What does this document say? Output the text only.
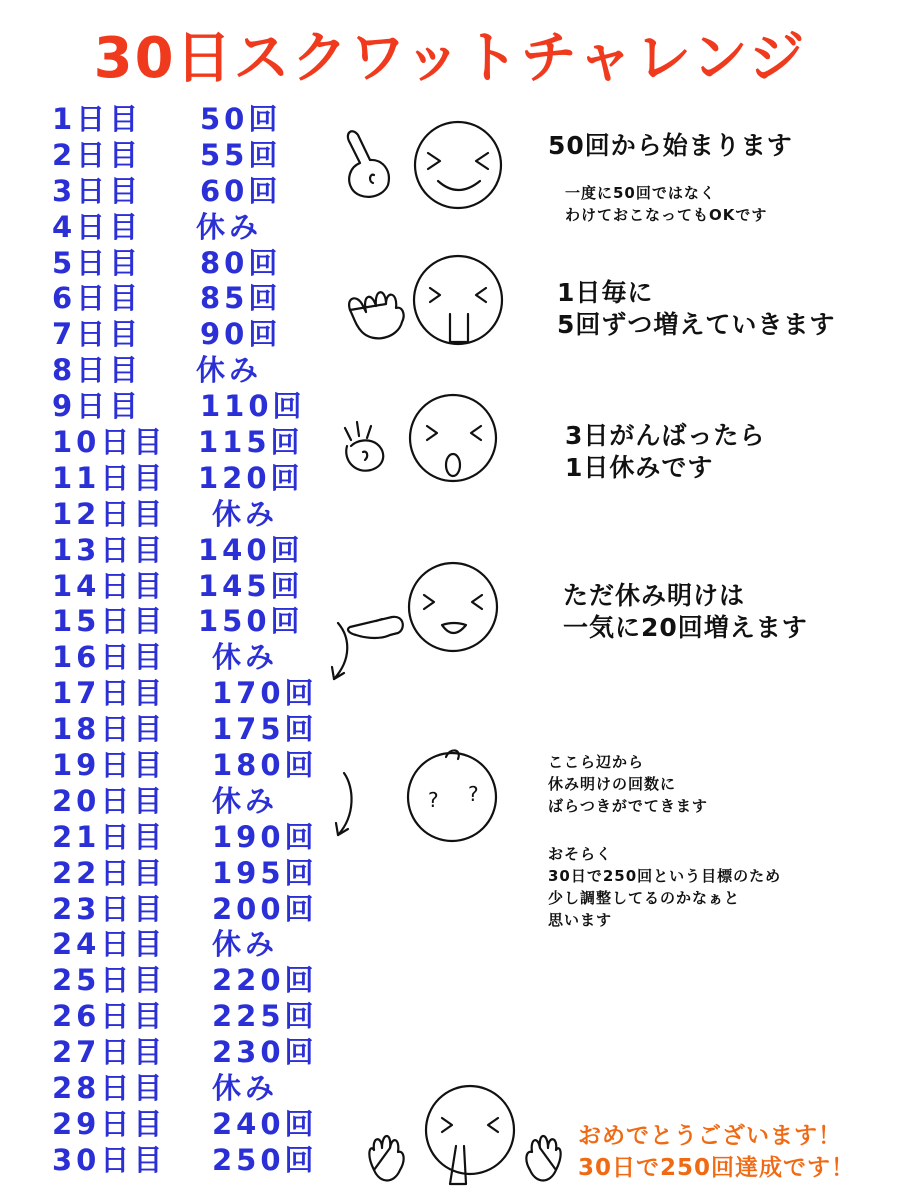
30日スクワットチャレンジ
1日目 50回
2日目 55回
3日目 60回
4日目 休み
5日目 80回
6日目 85回
7日目 90回
8日目 休み
9日目 110回
10日目 115回
11日目 120回
12日目 休み
13日目 140回
14日目 145回
15日目 150回
16日目 休み
17日目 170回
18日目 175回
19日目 180回
20日目 休み
21日目 190回
22日目 195回
23日目 200回
24日目 休み
25日目 220回
26日目 225回
27日目 230回
28日目 休み
29日目 240回
30日目 250回

50回から始まります

一度に50回ではなく

わけておこなってもOKです

1日毎に

5回ずつ増えていきます

3日がんばったら

1日休みです

ただ休み明けは

一気に20回増えます

ここら辺から

休み明けの回数に

ばらつきがでてきます

おそらく

30日で250回という目標のため

少し調整してるのかなぁと

思います

おめでとうございます！

30日で250回達成です！

? ?
